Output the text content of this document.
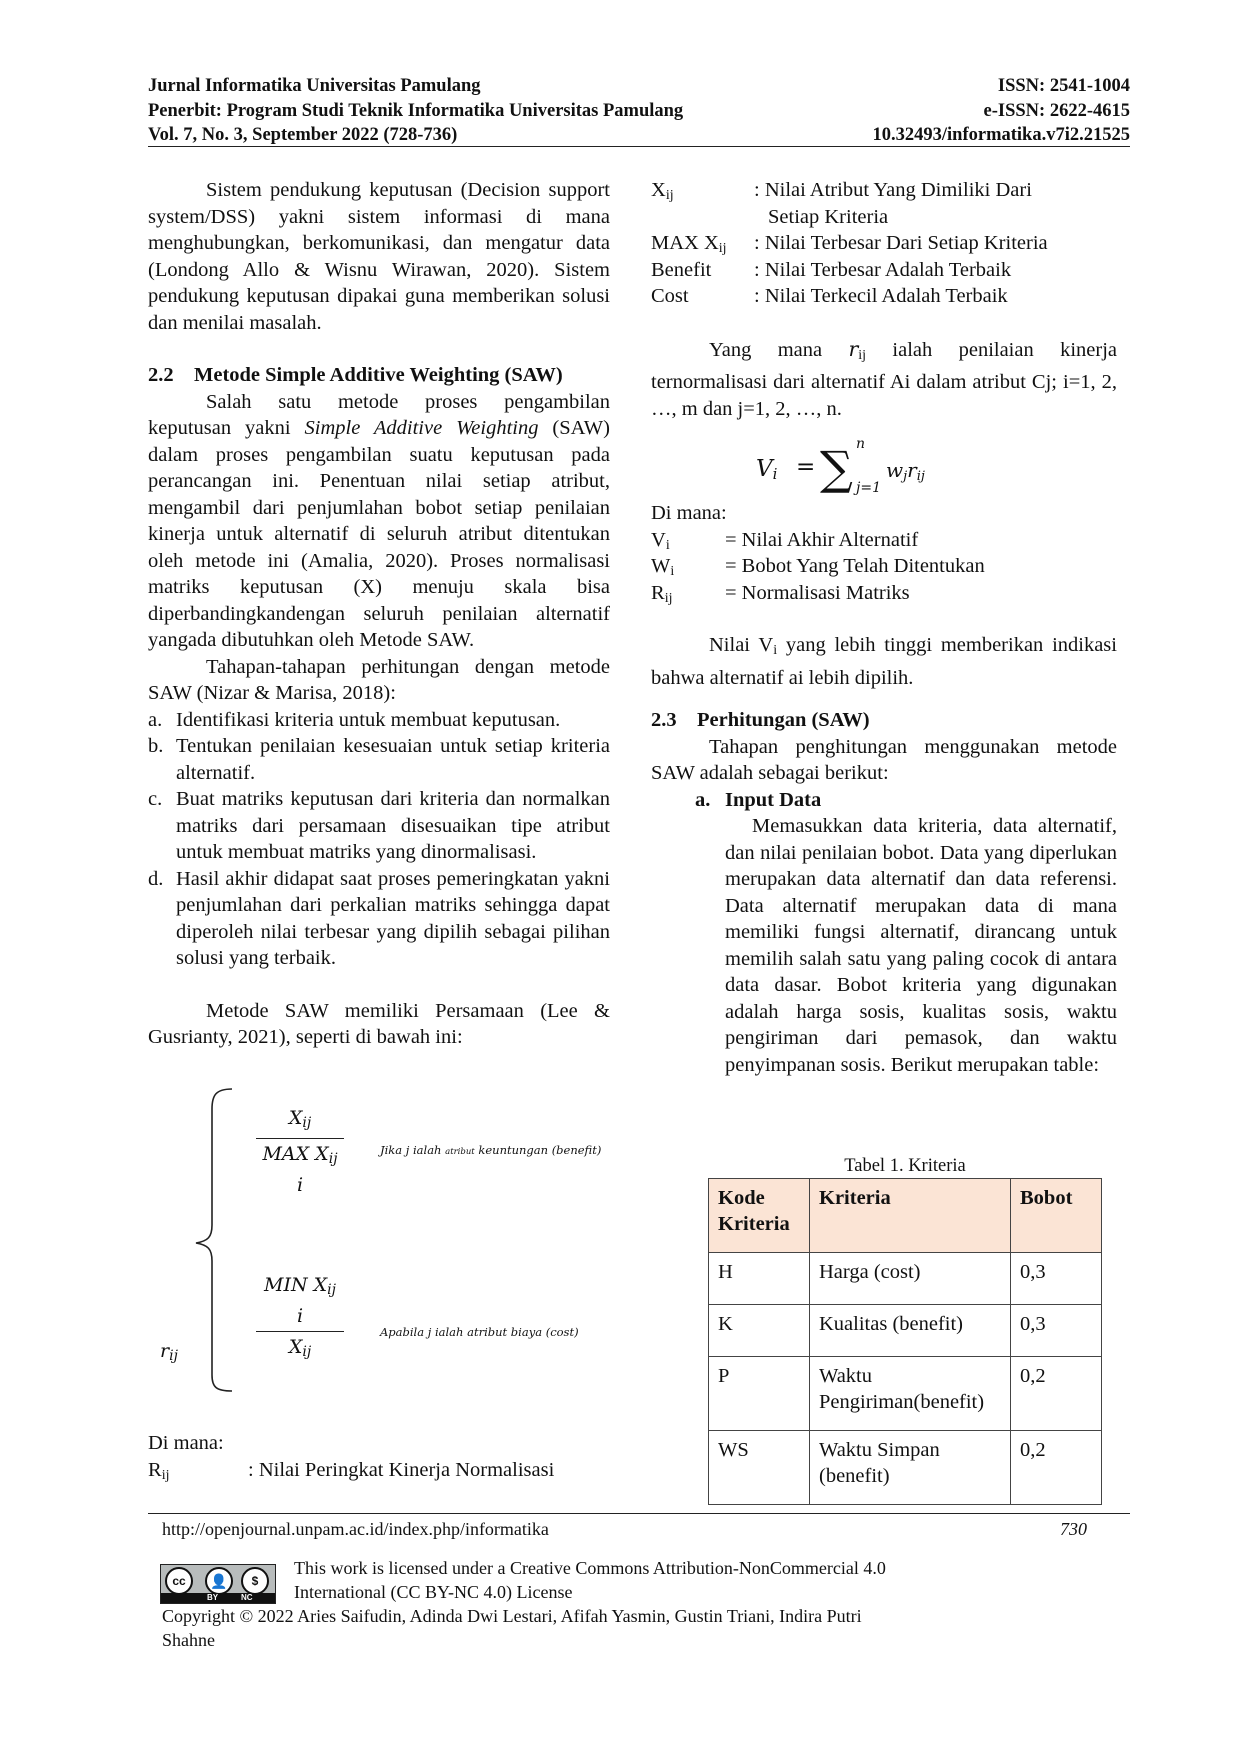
Jurnal Informatika Universitas Pamulang	ISSN: 2541-1004
Penerbit: Program Studi Teknik Informatika Universitas Pamulang	e-ISSN: 2622-4615
Vol. 7, No. 3, September 2022 (728-736)	10.32493/informatika.v7i2.21525

Sistem pendukung keputusan (Decision support system/DSS) yakni sistem informasi di mana menghubungkan, berkomunikasi, dan mengatur data (Londong Allo & Wisnu Wirawan, 2020). Sistem pendukung keputusan dipakai guna memberikan solusi dan menilai masalah.

2.2 Metode Simple Additive Weighting (SAW)

Salah satu metode proses pengambilan keputusan yakni Simple Additive Weighting (SAW) dalam proses pengambilan suatu keputusan pada perancangan ini. Penentuan nilai setiap atribut, mengambil dari penjumlahan bobot setiap penilaian kinerja untuk alternatif di seluruh atribut ditentukan oleh metode ini (Amalia, 2020). Proses normalisasi matriks keputusan (X) menuju skala bisa diperbandingkandengan seluruh penilaian alternatif yangada dibutuhkan oleh Metode SAW.

Tahapan-tahapan perhitungan dengan metode SAW (Nizar & Marisa, 2018):

a. Identifikasi kriteria untuk membuat keputusan.
b. Tentukan penilaian kesesuaian untuk setiap kriteria alternatif.
c. Buat matriks keputusan dari kriteria dan normalkan matriks dari persamaan disesuaikan tipe atribut untuk membuat matriks yang dinormalisasi.
d. Hasil akhir didapat saat proses pemeringkatan yakni penjumlahan dari perkalian matriks sehingga dapat diperoleh nilai terbesar yang dipilih sebagai pilihan solusi yang terbaik.

Metode SAW memiliki Persamaan (Lee & Gusrianty, 2021), seperti di bawah ini:

$r_{ij}$
$X_{ij}$
MAX $X_{ij}$
i
Jika j ialah atribut keuntungan (benefit)
MIN $X_{ij}$
i
$X_{ij}$
Apabila j ialah atribut biaya (cost)

Di mana:

$R_{ij}$	: Nilai Peringkat Kinerja Normalisasi
$X_{ij}$	: Nilai Atribut Yang Dimiliki Dari
Setiap Kriteria
MAX $X_{ij}$ : Nilai Terbesar Dari Setiap Kriteria
Benefit : Nilai Terbesar Adalah Terbaik
Cost	: Nilai Terkecil Adalah Terbaik

Yang mana $r_{ij}$ ialah penilaian kinerja ternormalisasi dari alternatif Ai dalam atribut Cj; i=1, 2, …, m dan j=1, 2, …, n.

$V_i$ = ∑ n
j=1
$w_jr_{ij}$

Di mana:

$V_i$	= Nilai Akhir Alternatif
$W_i$ = Bobot Yang Telah Ditentukan
$R_{ij}$	= Normalisasi Matriks

Nilai $V_i$ yang lebih tinggi memberikan indikasi bahwa alternatif ai lebih dipilih.

2.3 Perhitungan (SAW)

Tahapan penghitungan menggunakan metode SAW adalah sebagai berikut:

a. Input Data

Memasukkan data kriteria, data alternatif, dan nilai penilaian bobot. Data yang diperlukan merupakan data alternatif dan data referensi. Data alternatif merupakan data di mana memiliki fungsi alternatif, dirancang untuk memilih salah satu yang paling cocok di antara data dasar. Bobot kriteria yang digunakan adalah harga sosis, kualitas sosis, waktu pengiriman dari pemasok, dan waktu penyimpanan sosis. Berikut merupakan table:

Tabel 1. Kriteria
Kode Kriteria	Kriteria	Bobot
H	Harga (cost)	0,3
K	Kualitas (benefit)	0,3
P	Waktu Pengiriman(benefit)	0,2
WS	Waktu Simpan (benefit)	0,2
http://openjournal.unpam.ac.id/index.php/informatika	730
cc	👤	$
BY	NC
This work is licensed under a Creative Commons Attribution-NonCommercial 4.0
International (CC BY-NC 4.0) License
Copyright © 2022 Aries Saifudin, Adinda Dwi Lestari, Afifah Yasmin, Gustin Triani, Indira Putri
Shahne
